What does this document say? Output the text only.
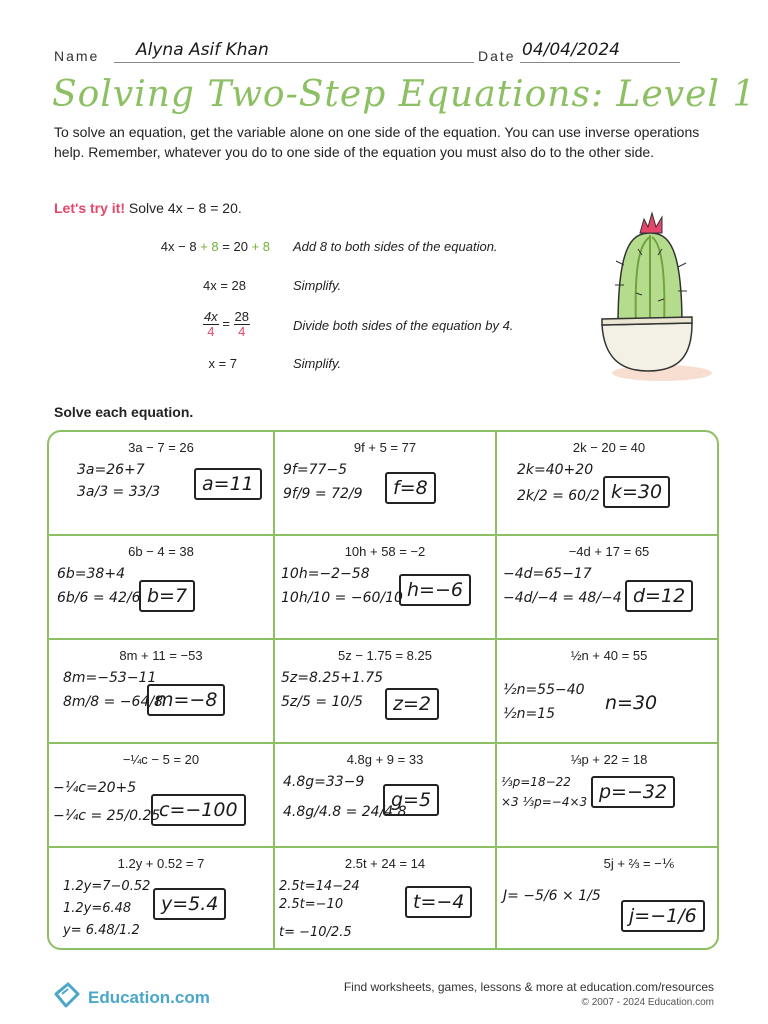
Name Alyna Asif Khan	Date 04/04/2024
Solving Two-Step Equations: Level 1

To solve an equation, get the variable alone on one side of the equation. You can use inverse operations help. Remember, whatever you do to one side of the equation you must also do to the other side.

Let's try it! Solve 4x − 8 = 20.
4x − 8 + 8 = 20 + 8 Add 8 to both sides of the equation.
4x = 28	Simplify.
$\frac{4x}{4} = \frac{28}{4}$	Divide both sides of the equation by 4.
x = 7	Simplify.
Solve each equation.
3a − 7 = 26
3a=26+7
3a/3 = 33/3	a=11
9f + 5 = 77
9f=77−5
9f/9 = 72/9	f=8
2k − 20 = 40
2k=40+20
2k/2 = 60/2 k=30
6b − 4 = 38
6b=38+4
6b/6 = 42/6 b=7
10h + 58 = −2
10h=−2−58
10h/10 = −60/10 h=−6
−4d + 17 = 65
−4d=65−17
−4d/−4 = 48/−4 d=12
8m + 11 = −53
8m=−53−11
8m/8 = −64/8
m=−8
5z − 1.75 = 8.25
5z=8.25+1.75
5z/5 = 10/5	z=2
½n + 40 = 55
½n=55−40
½n=15	n=30
−¼c − 5 = 20
−¼c=20+5
−¼c = 25/0.25
c=−100
4.8g + 9 = 33
4.8g=33−9
4.8g/4.8 = 24/4.8
g=5
⅓p + 22 = 18
⅓p=18−22
×3 ⅓p=−4×3 p=−32
1.2y + 0.52 = 7
1.2y=7−0.52
1.2y=6.48
y= 6.48/1.2
y=5.4
2.5t + 24 = 14
2.5t=14−24
2.5t=−10
t= −10/2.5
t=−4
5j + ⅔ = −⅙
J= −5/6 × 1/5
j=−1/6
Education.com
Find worksheets, games, lessons & more at education.com/resources
© 2007 - 2024 Education.com
